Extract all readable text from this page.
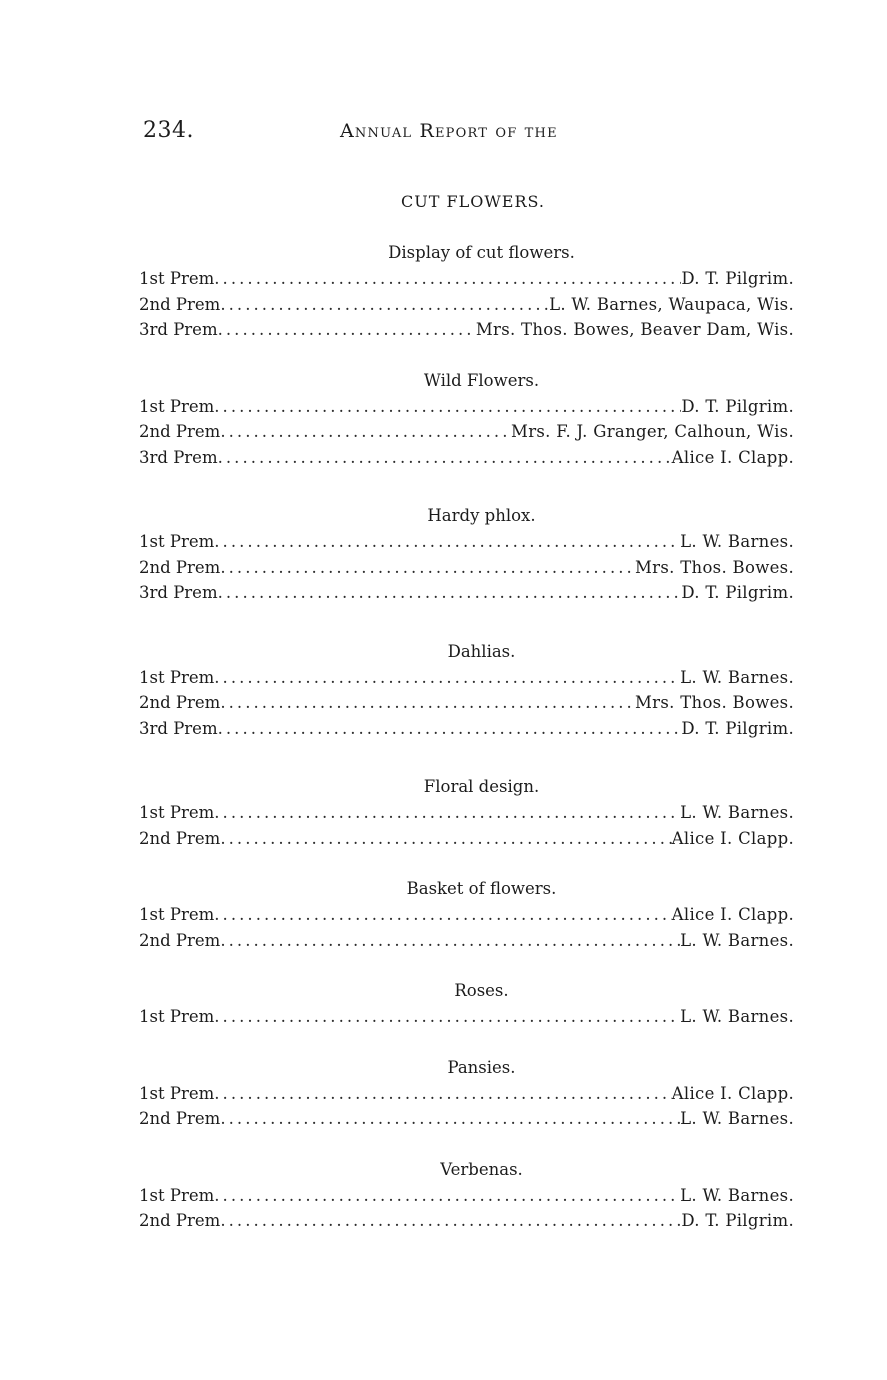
234.	Annual Report of the
CUT FLOWERS.
Display of cut flowers.
1st Prem . . .	D. T. Pilgrim.
2nd Prem . . .	L. W. Barnes, Waupaca, Wis.
3rd Prem . . .	Mrs. Thos. Bowes, Beaver Dam, Wis.
Wild Flowers.
1st Prem . . .	D. T. Pilgrim.
2nd Prem . . .	Mrs. F. J. Granger, Calhoun, Wis.
3rd Prem . . .	Alice I. Clapp.
Hardy phlox.
1st Prem . . .	L. W. Barnes.
2nd Prem . . .	Mrs. Thos. Bowes.
3rd Prem . . .	D. T. Pilgrim.
Dahlias.
1st Prem . . .	L. W. Barnes.
2nd Prem . . .	Mrs. Thos. Bowes.
3rd Prem . . .	D. T. Pilgrim.
Floral design.
1st Prem . . .	L. W. Barnes.
2nd Prem . . .	Alice I. Clapp.
Basket of flowers.
1st Prem . . .	Alice I. Clapp.
2nd Prem . . .	L. W. Barnes.
Roses.
1st Prem . . .	L. W. Barnes.
Pansies.
1st Prem . . .	Alice I. Clapp.
2nd Prem . . .	L. W. Barnes.
Verbenas.
1st Prem . . .	L. W. Barnes.
2nd Prem . . .	D. T. Pilgrim.
